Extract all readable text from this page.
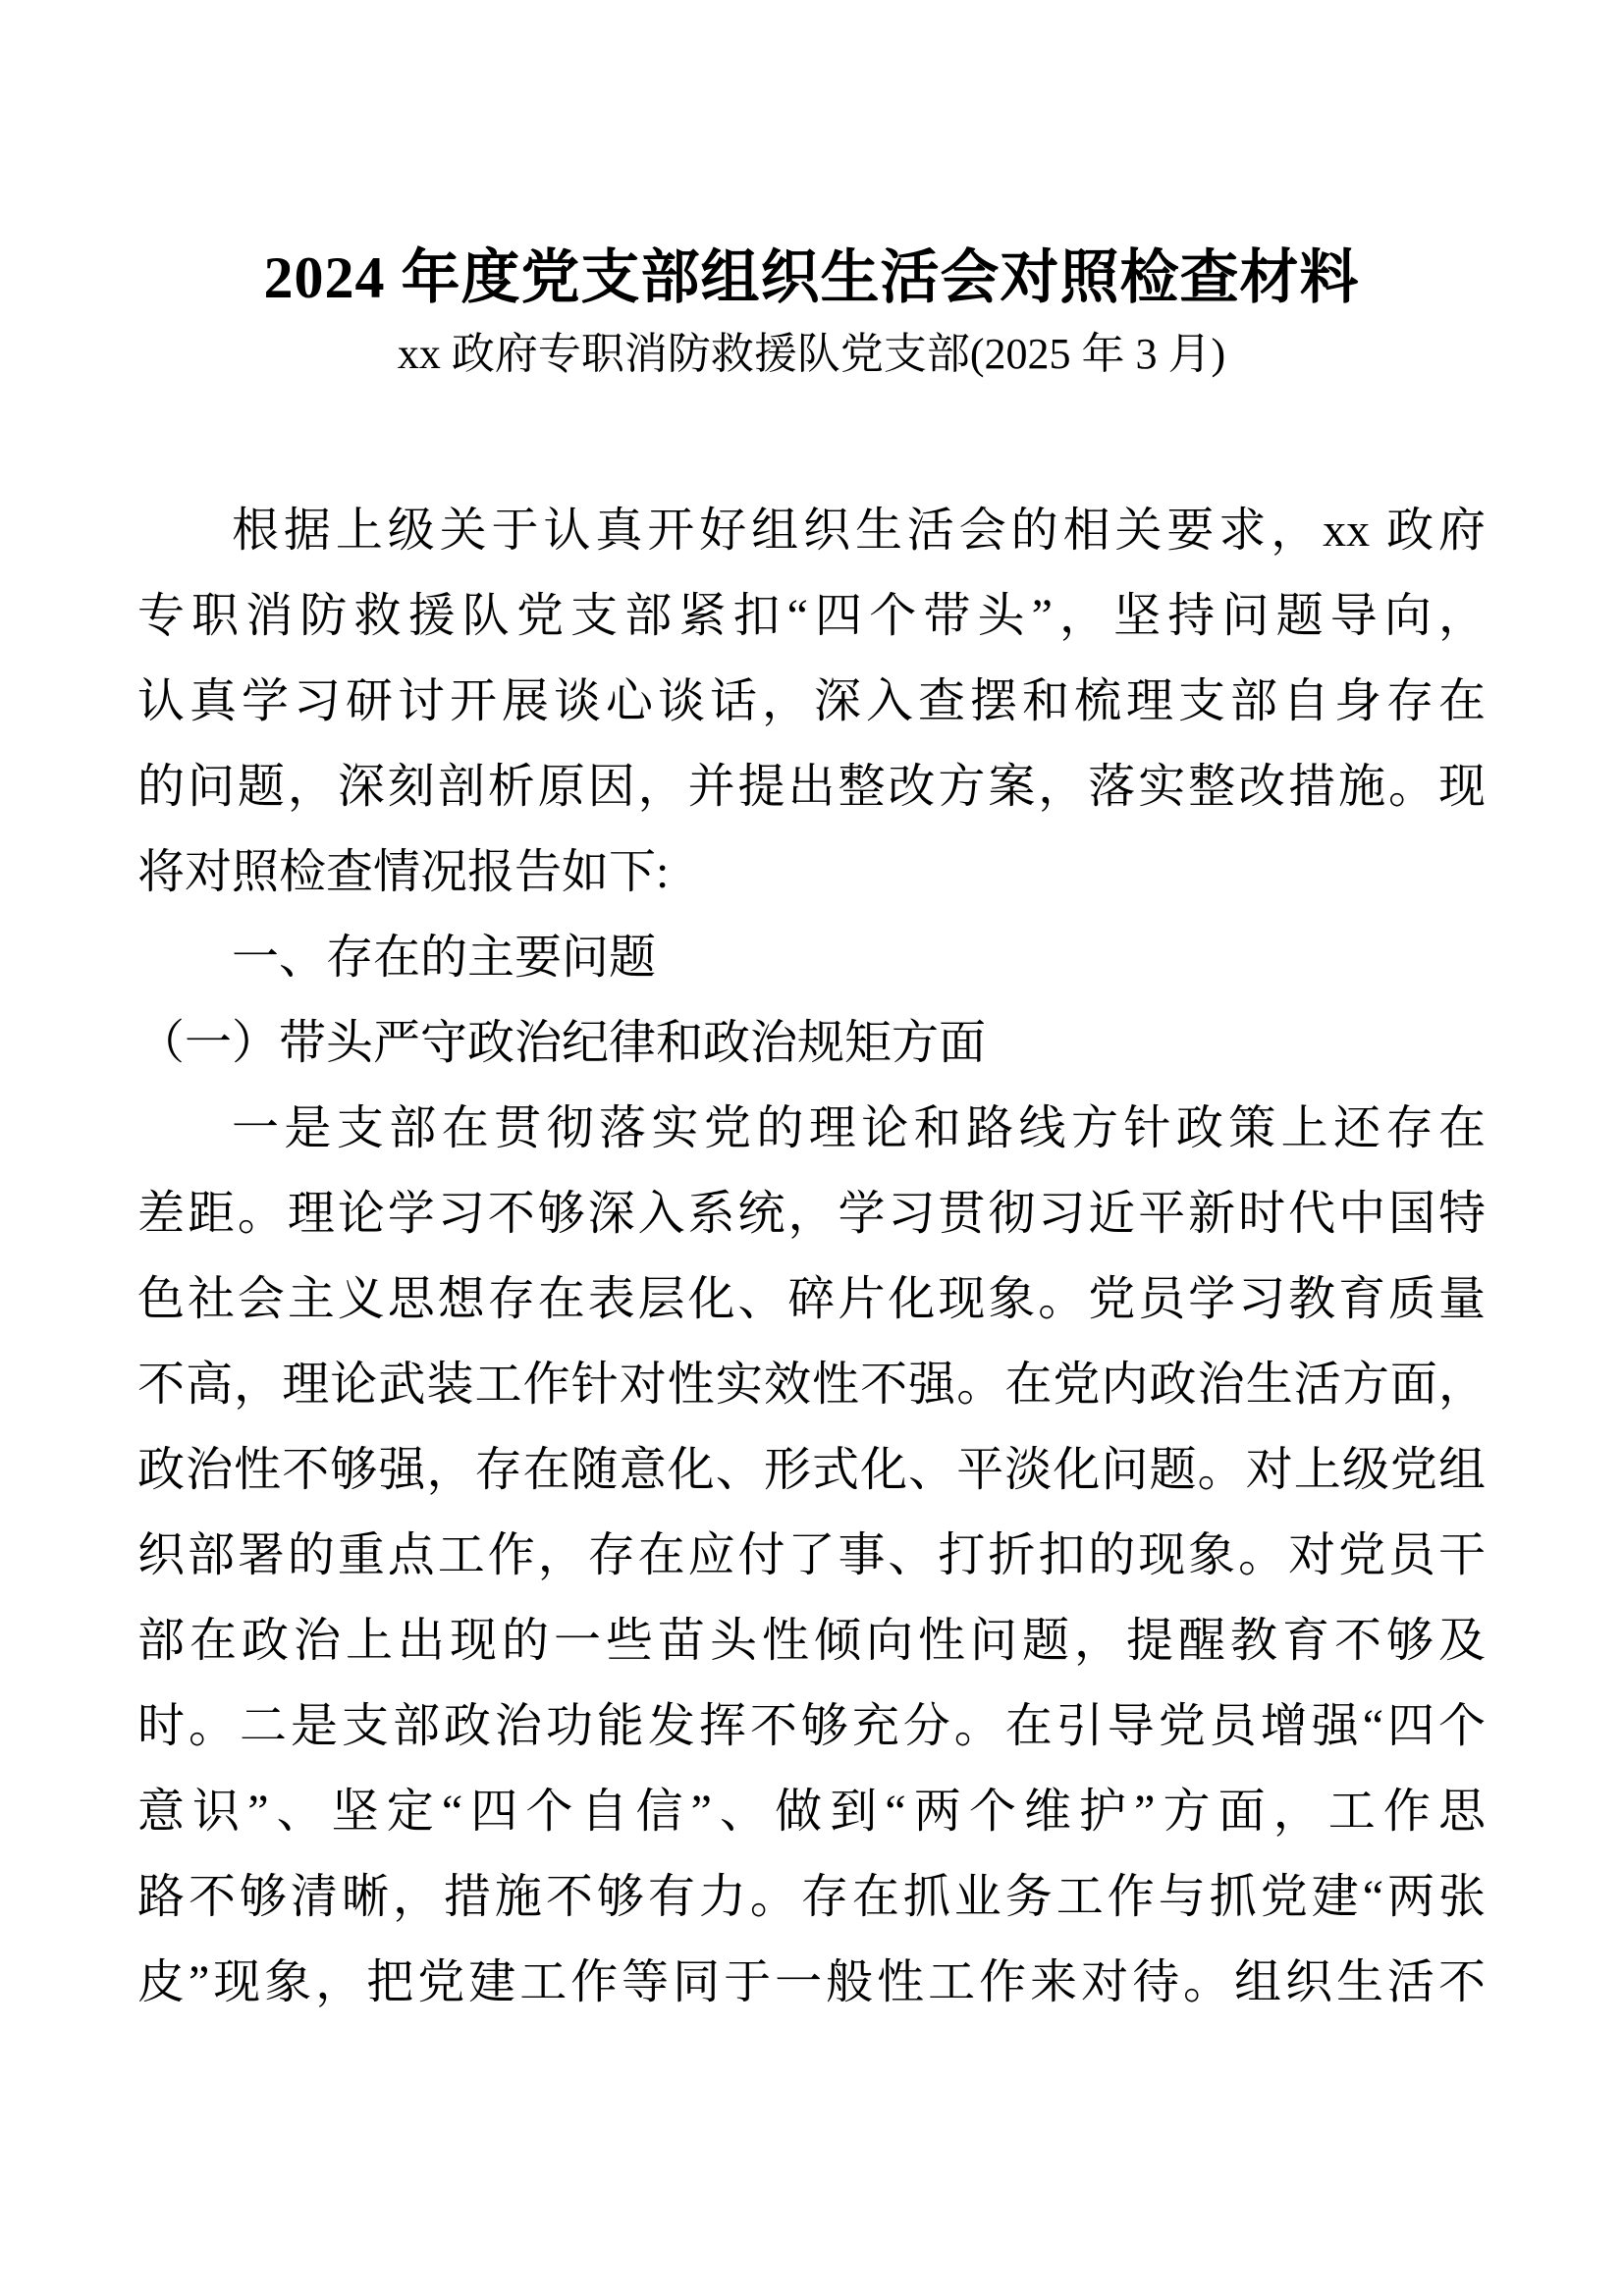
2024 年度党支部组织生活会对照检查材料
xx 政府专职消防救援队党支部(2025 年 3 月)
根据上级关于认真开好组织生活会的相关要求，xx 政府
专职消防救援队党支部紧扣“四个带头”，坚持问题导向，
认真学习研讨开展谈心谈话，深入查摆和梳理支部自身存在
的问题，深刻剖析原因，并提出整改方案，落实整改措施。现
将对照检查情况报告如下:
一、存在的主要问题
（一）带头严守政治纪律和政治规矩方面
一是支部在贯彻落实党的理论和路线方针政策上还存在
差距。理论学习不够深入系统，学习贯彻习近平新时代中国特
色社会主义思想存在表层化、碎片化现象。党员学习教育质量
不高，理论武装工作针对性实效性不强。在党内政治生活方面，
政治性不够强，存在随意化、形式化、平淡化问题。对上级党组
织部署的重点工作，存在应付了事、打折扣的现象。对党员干
部在政治上出现的一些苗头性倾向性问题，提醒教育不够及
时。二是支部政治功能发挥不够充分。在引导党员增强“四个
意识”、坚定“四个自信”、做到“两个维护”方面，工作思
路不够清晰，措施不够有力。存在抓业务工作与抓党建“两张
皮”现象，把党建工作等同于一般性工作来对待。组织生活不
